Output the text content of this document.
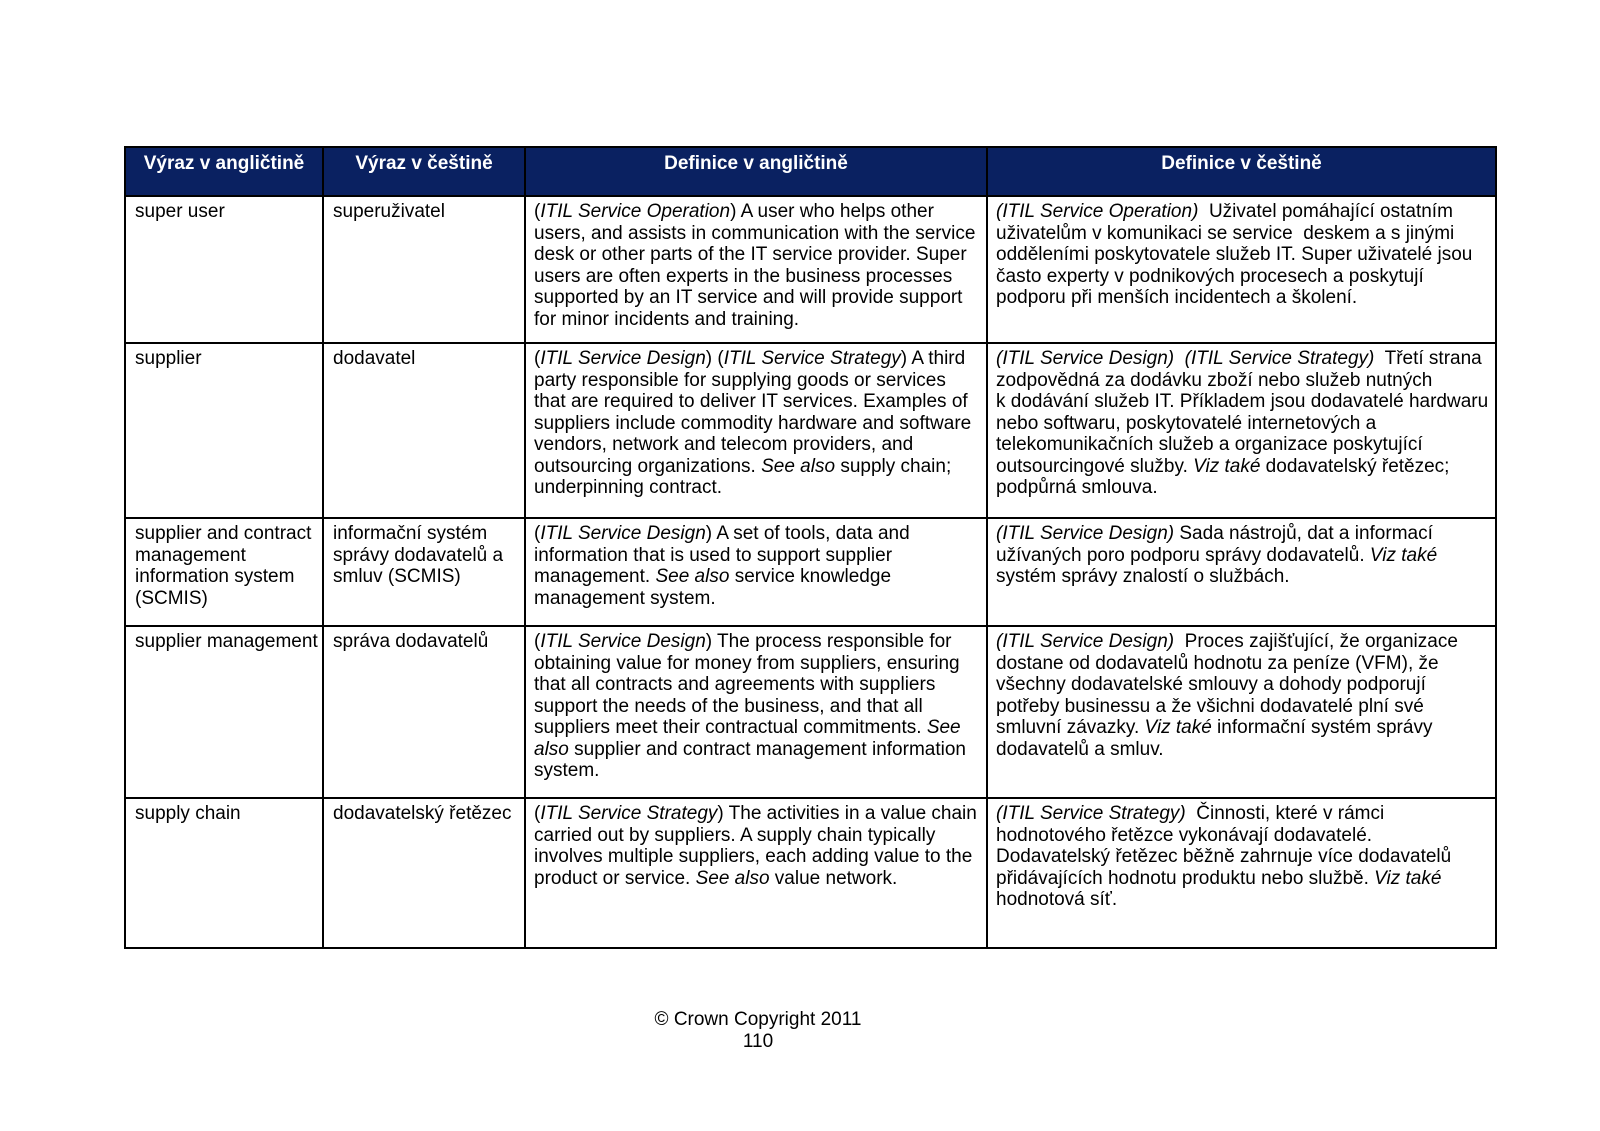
Výraz v angličtině	Výraz v češtině	Definice v angličtině	Definice v češtině
super user	superuživatel	(ITIL Service Operation) A user who helps other users, and assists in communication with the service desk or other parts of the IT service provider. Super users are often experts in the business processes supported by an IT service and will provide support for minor incidents and training.	(ITIL Service Operation)  Uživatel pomáhající ostatním uživatelům v komunikaci se service  deskem a s jinými odděleními poskytovatele služeb IT. Super uživatelé jsou často experty v podnikových procesech a poskytují podporu při menších incidentech a školení.
supplier	dodavatel	(ITIL Service Design) (ITIL Service Strategy) A third party responsible for supplying goods or services that are required to deliver IT services. Examples of suppliers include commodity hardware and software vendors, network and telecom providers, and outsourcing organizations. See also supply chain; underpinning contract.	(ITIL Service Design)  (ITIL Service Strategy)  Třetí strana zodpovědná za dodávku zboží nebo služeb nutných k dodávání služeb IT. Příkladem jsou dodavatelé hardwaru nebo softwaru, poskytovatelé internetových a telekomunikačních služeb a organizace poskytující outsourcingové služby. Viz také dodavatelský řetězec; podpůrná smlouva.
supplier and contract management information system (SCMIS)	informační systém správy dodavatelů a smluv (SCMIS)	(ITIL Service Design) A set of tools, data and information that is used to support supplier management. See also service knowledge management system.	(ITIL Service Design) Sada nástrojů, dat a informací užívaných poro podporu správy dodavatelů. Viz také systém správy znalostí o službách.
supplier management	správa dodavatelů	(ITIL Service Design) The process responsible for obtaining value for money from suppliers, ensuring that all contracts and agreements with suppliers support the needs of the business, and that all suppliers meet their contractual commitments. See also supplier and contract management information system.	(ITIL Service Design)  Proces zajišťující, že organizace dostane od dodavatelů hodnotu za peníze (VFM), že všechny dodavatelské smlouvy a dohody podporují potřeby businessu a že všichni dodavatelé plní své smluvní závazky. Viz také informační systém správy dodavatelů a smluv.
supply chain	dodavatelský řetězec	(ITIL Service Strategy) The activities in a value chain carried out by suppliers. A supply chain typically involves multiple suppliers, each adding value to the product or service. See also value network.	(ITIL Service Strategy)  Činnosti, které v rámci hodnotového řetězce vykonávají dodavatelé. Dodavatelský řetězec běžně zahrnuje více dodavatelů přidávajících hodnotu produktu nebo službě. Viz také hodnotová síť.
© Crown Copyright 2011
110
